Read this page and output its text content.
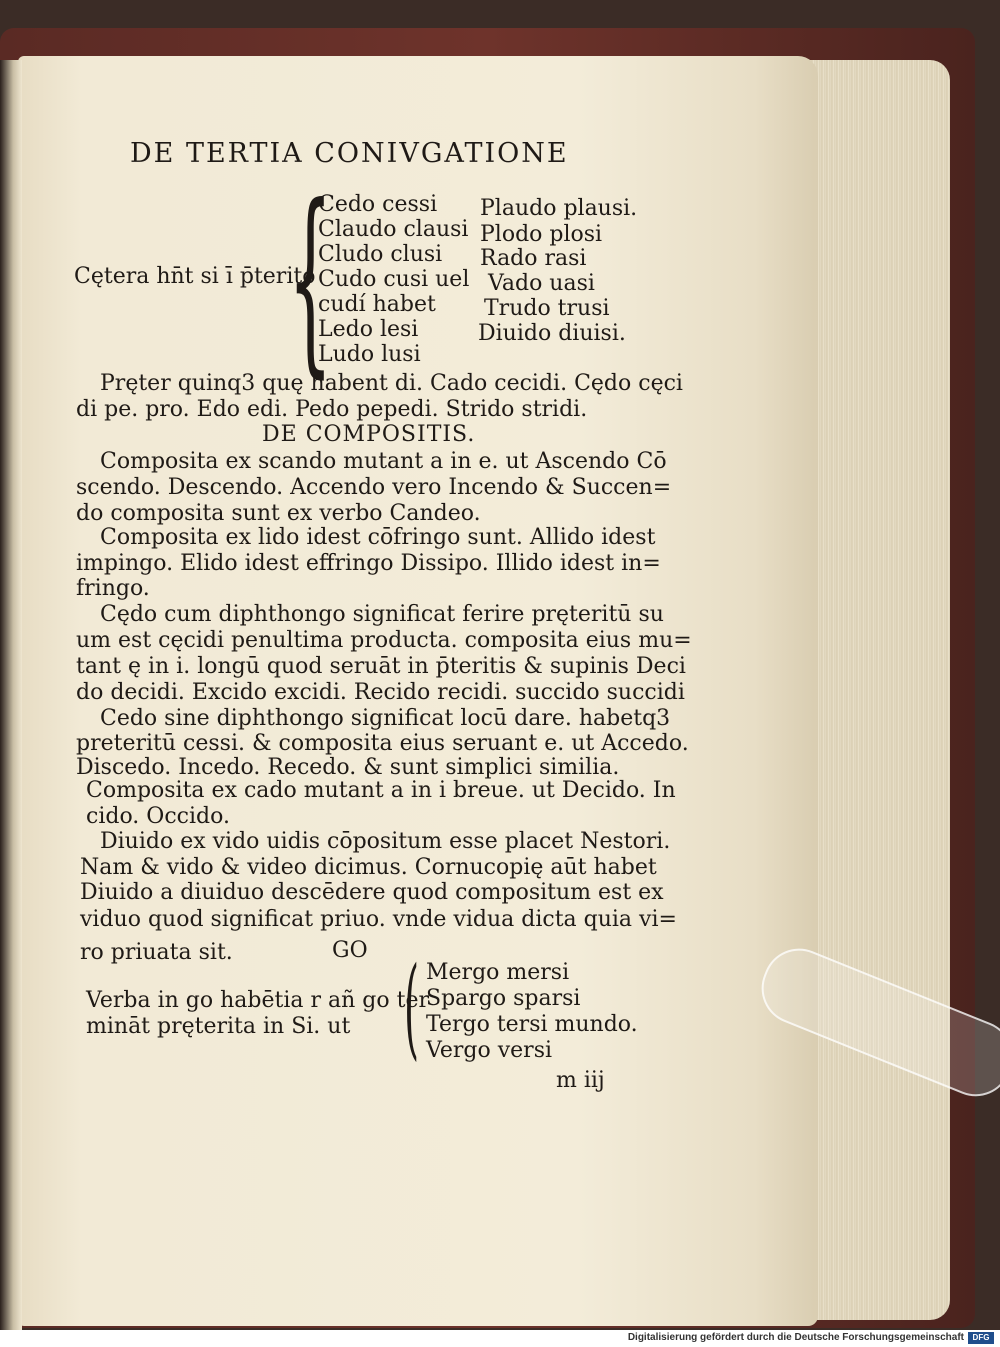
DE TERTIA CONIVGATIONE
Cętera hn̄t si ī p̄terito
{
Cedo cessi
Claudo clausi
Cludo clusi
Cudo cusi uel
cudí habet
Ledo lesi
Ludo lusi
Plaudo plausi.
Plodo plosi
Rado rasi
Vado uasi
Trudo trusi
Diuido diuisi.
Pręter quinq3 quę habent di. Cado cecidi. Cędo cęci
di pe. pro. Edo edi. Pedo pepedi. Strido stridi.
DE COMPOSITIS.
Composita ex scando mutant a in e. ut Ascendo Cō
scendo. Descendo. Accendo vero Incendo & Succen=
do composita sunt ex verbo Candeo.
Composita ex lido idest cōfringo sunt. Allido idest
impingo. Elido idest effringo Dissipo. Illido idest in=
fringo.
Cędo cum diphthongo significat ferire pręteritū su
um est cęcidi penultima producta. composita eius mu=
tant ę in i. longū quod seruāt in p̄teritis & supinis Deci
do decidi. Excido excidi. Recido recidi. succido succidi
Cedo sine diphthongo significat locū dare. habetq3
preteritū cessi. & composita eius seruant e. ut Accedo.
Discedo. Incedo. Recedo. & sunt simplici similia.
Composita ex cado mutant a in i breue. ut Decido. In
cido. Occido.
Diuido ex vido uidis cōpositum esse placet Nestori.
Nam & vido & video dicimus. Cornucopię aūt habet
Diuido a diuiduo descēdere quod compositum est ex
viduo quod significat priuo. vnde vidua dicta quia vi=
ro priuata sit.	GO
Verba in go habētia r añ go ter
mināt pręterita in Si. ut ( Mergo mersi
Spargo sparsi
Tergo tersi mundo.
Vergo versi
m iij
Digitalisierung gefördert durch die Deutsche Forschungsgemeinschaft	DFG
